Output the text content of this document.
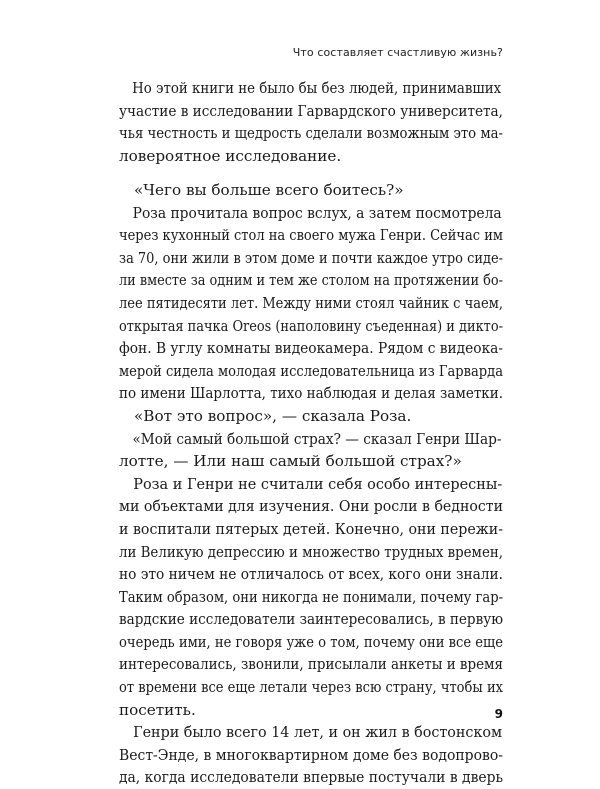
Что составляет счастливую жизнь?
Но этой книги не было бы без людей, принимавших
участие в исследовании Гарвардского университета,
чья честность и щедрость сделали возможным это ма-
ловероятное исследование.
«Чего вы больше всего боитесь?»
Роза прочитала вопрос вслух, а затем посмотрела
через кухонный стол на своего мужа Генри. Сейчас им
за 70, они жили в этом доме и почти каждое утро сиде-
ли вместе за одним и тем же столом на протяжении бо-
лее пятидесяти лет. Между ними стоял чайник с чаем,
открытая пачка Oreos (наполовину съеденная) и дикто-
фон. В углу комнаты видеокамера. Рядом с видеока-
мерой сидела молодая исследовательница из Гарварда
по имени Шарлотта, тихо наблюдая и делая заметки.
«Вот это вопрос», — сказала Роза.
«Мой самый большой страх? — сказал Генри Шар-
лотте, — Или наш самый большой страх?»
Роза и Генри не считали себя особо интересны-
ми объектами для изучения. Они росли в бедности
и воспитали пятерых детей. Конечно, они пережи-
ли Великую депрессию и множество трудных времен,
но это ничем не отличалось от всех, кого они знали.
Таким образом, они никогда не понимали, почему гар-
вардские исследователи заинтересовались, в первую
очередь ими, не говоря уже о том, почему они все еще
интересовались, звонили, присылали анкеты и время
от времени все еще летали через всю страну, чтобы их
посетить.
Генри было всего 14 лет, и он жил в бостонском
Вест-Энде, в многоквартирном доме без водопрово-
да, когда исследователи впервые постучали в дверь
9
